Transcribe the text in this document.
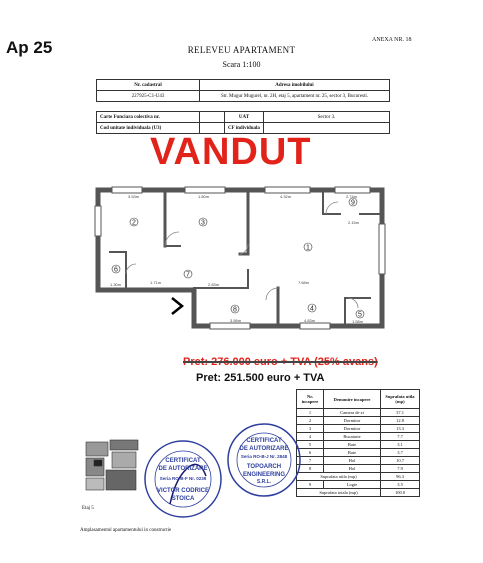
Ap 25	ANEXA NR. 18
RELEVEU APARTAMENT
Scara 1:100
Nr. cadastral	Adresa imobilului
227925-C1-U43	Str. Mugur Mugurel, nr. 2H, etaj 5, apartament nr. 25, sector 3, Bucuresti.
Carte Funciara colectiva nr.		UAT	Sector 3.
Cod unitate individuala (U3)		CF individuala	
VANDUT
2	3
1
9
6
7
8	4
5
3.53m	1.80m	4.32m	2.74m
2.15m
7.68m
2.83m
1.30m
4.83m	1.58m
3.56m
1.71m
Pret: 276.000 euro + TVA (25% avans)
Pret: 251.500 euro + TVA
Nr. incapere	Denumire incapere	Suprafata utila (mp)
1	Camera de zi	37.1
2	Dormitor	12.8
3	Dormitor	13.3
4	Bucatarie	7.7
5	Baie	3.1
6	Baie	3.7
7	Hol	10.7
8	Hol	7.9
Suprafata utila (mp)		96.3
9	Logie	3.5
Suprafata totala (mp)		100.0
CERTIFICAT
DE AUTORIZARE
Seria RO-B-F Nr. 0239
VICTOR CODRICE
STOICA
CERTIFICAT
DE AUTORIZARE
Seria RO-B-J Nr. 2848
TOPOARCH
ENGINEERING
S.R.L.
Etaj 5
Amplasamentul apartamentului in constructie
